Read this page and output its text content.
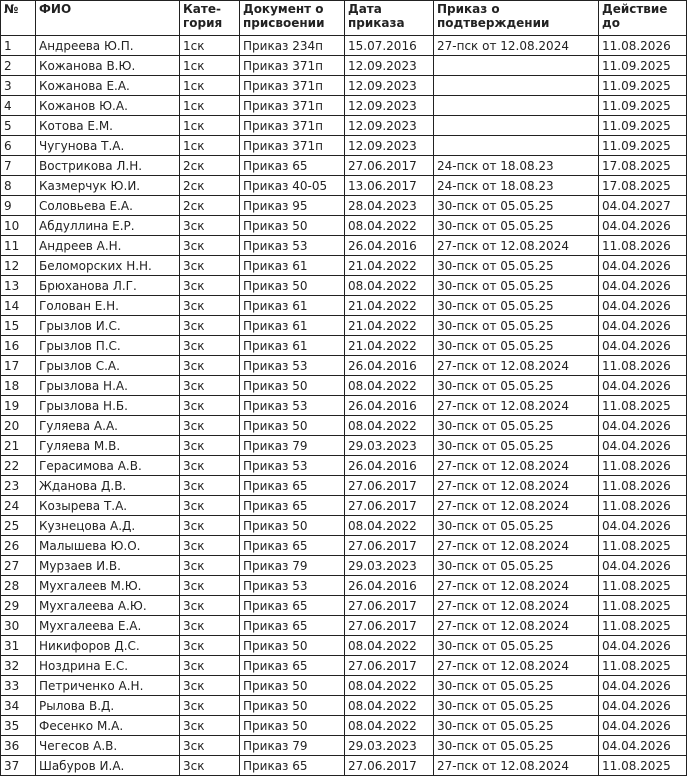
№	ФИО	Кате-гория	Документ о присвоении	Дата приказа	Приказ о подтверждении	Действие до
1	Андреева Ю.П.	1ск	Приказ 234п	15.07.2016	27-пск от 12.08.2024	11.08.2026
2	Кожанова В.Ю.	1ск	Приказ 371п	12.09.2023		11.09.2025
3	Кожанова Е.А.	1ск	Приказ 371п	12.09.2023		11.09.2025
4	Кожанов Ю.А.	1ск	Приказ 371п	12.09.2023		11.09.2025
5	Котова Е.М.	1ск	Приказ 371п	12.09.2023		11.09.2025
6	Чугунова Т.А.	1ск	Приказ 371п	12.09.2023		11.09.2025
7	Вострикова Л.Н.	2ск	Приказ 65	27.06.2017	24-пск от 18.08.23	17.08.2025
8	Казмерчук Ю.И.	2ск	Приказ 40-05	13.06.2017	24-пск от 18.08.23	17.08.2025
9	Соловьева Е.А.	2ск	Приказ 95	28.04.2023	30-пск от 05.05.25	04.04.2027
10	Абдуллина Е.Р.	3ск	Приказ 50	08.04.2022	30-пск от 05.05.25	04.04.2026
11	Андреев А.Н.	3ск	Приказ 53	26.04.2016	27-пск от 12.08.2024	11.08.2026
12	Беломорских Н.Н.	3ск	Приказ 61	21.04.2022	30-пск от 05.05.25	04.04.2026
13	Брюханова Л.Г.	3ск	Приказ 50	08.04.2022	30-пск от 05.05.25	04.04.2026
14	Голован Е.Н.	3ск	Приказ 61	21.04.2022	30-пск от 05.05.25	04.04.2026
15	Грызлов И.С.	3ск	Приказ 61	21.04.2022	30-пск от 05.05.25	04.04.2026
16	Грызлов П.С.	3ск	Приказ 61	21.04.2022	30-пск от 05.05.25	04.04.2026
17	Грызлов С.А.	3ск	Приказ 53	26.04.2016	27-пск от 12.08.2024	11.08.2026
18	Грызлова Н.А.	3ск	Приказ 50	08.04.2022	30-пск от 05.05.25	04.04.2026
19	Грызлова Н.Б.	3ск	Приказ 53	26.04.2016	27-пск от 12.08.2024	11.08.2025
20	Гуляева А.А.	3ск	Приказ 50	08.04.2022	30-пск от 05.05.25	04.04.2026
21	Гуляева М.В.	3ск	Приказ 79	29.03.2023	30-пск от 05.05.25	04.04.2026
22	Герасимова А.В.	3ск	Приказ 53	26.04.2016	27-пск от 12.08.2024	11.08.2026
23	Жданова Д.В.	3ск	Приказ 65	27.06.2017	27-пск от 12.08.2024	11.08.2026
24	Козырева Т.А.	3ск	Приказ 65	27.06.2017	27-пск от 12.08.2024	11.08.2026
25	Кузнецова А.Д.	3ск	Приказ 50	08.04.2022	30-пск от 05.05.25	04.04.2026
26	Малышева Ю.О.	3ск	Приказ 65	27.06.2017	27-пск от 12.08.2024	11.08.2025
27	Мурзаев И.В.	3ск	Приказ 79	29.03.2023	30-пск от 05.05.25	04.04.2026
28	Мухгалеев М.Ю.	3ск	Приказ 53	26.04.2016	27-пск от 12.08.2024	11.08.2025
29	Мухгалеева А.Ю.	3ск	Приказ 65	27.06.2017	27-пск от 12.08.2024	11.08.2025
30	Мухгалеева Е.А.	3ск	Приказ 65	27.06.2017	27-пск от 12.08.2024	11.08.2025
31	Никифоров Д.С.	3ск	Приказ 50	08.04.2022	30-пск от 05.05.25	04.04.2026
32	Ноздрина Е.С.	3ск	Приказ 65	27.06.2017	27-пск от 12.08.2024	11.08.2025
33	Петриченко А.Н.	3ск	Приказ 50	08.04.2022	30-пск от 05.05.25	04.04.2026
34	Рылова В.Д.	3ск	Приказ 50	08.04.2022	30-пск от 05.05.25	04.04.2026
35	Фесенко М.А.	3ск	Приказ 50	08.04.2022	30-пск от 05.05.25	04.04.2026
36	Чегесов А.В.	3ск	Приказ 79	29.03.2023	30-пск от 05.05.25	04.04.2026
37	Шабуров И.А.	3ск	Приказ 65	27.06.2017	27-пск от 12.08.2024	11.08.2025
